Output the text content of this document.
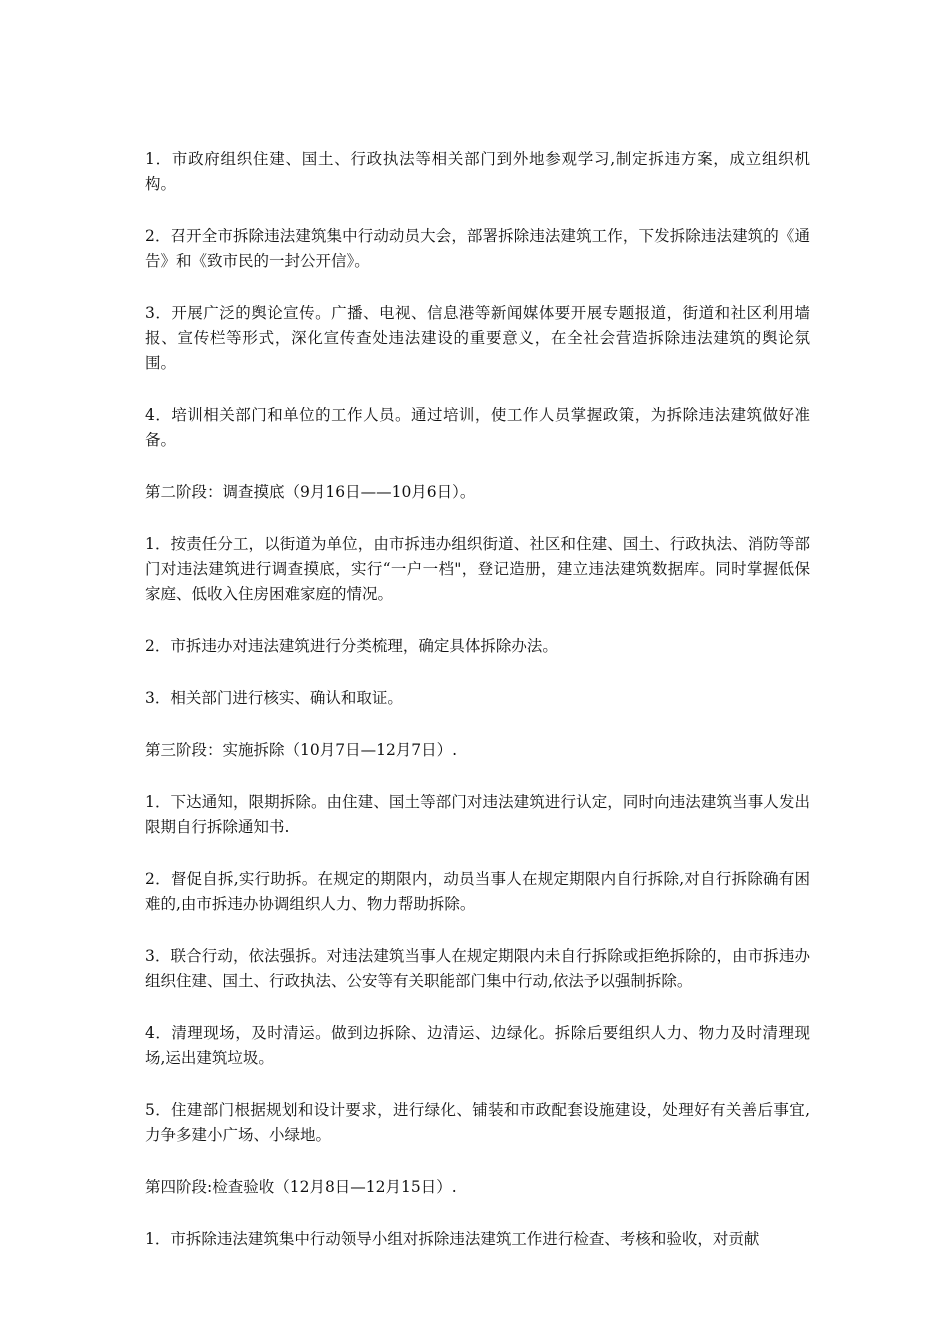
1．市政府组织住建、国土、行政执法等相关部门到外地参观学习,制定拆违方案，成立组织机构。

2．召开全市拆除违法建筑集中行动动员大会，部署拆除违法建筑工作，下发拆除违法建筑的《通告》和《致市民的一封公开信》。

3．开展广泛的舆论宣传。广播、电视、信息港等新闻媒体要开展专题报道，街道和社区利用墙报、宣传栏等形式，深化宣传查处违法建设的重要意义，在全社会营造拆除违法建筑的舆论氛围。

4．培训相关部门和单位的工作人员。通过培训，使工作人员掌握政策，为拆除违法建筑做好准备。

第二阶段：调查摸底（9月16日——10月6日）。

1．按责任分工，以街道为单位，由市拆违办组织街道、社区和住建、国土、行政执法、消防等部门对违法建筑进行调查摸底，实行“一户一档"，登记造册，建立违法建筑数据库。同时掌握低保家庭、低收入住房困难家庭的情况。

2．市拆违办对违法建筑进行分类梳理，确定具体拆除办法。

3．相关部门进行核实、确认和取证。

第三阶段：实施拆除（10月7日—12月7日）.

1．下达通知，限期拆除。由住建、国土等部门对违法建筑进行认定，同时向违法建筑当事人发出限期自行拆除通知书.

2．督促自拆,实行助拆。在规定的期限内，动员当事人在规定期限内自行拆除,对自行拆除确有困难的,由市拆违办协调组织人力、物力帮助拆除。

3．联合行动，依法强拆。对违法建筑当事人在规定期限内未自行拆除或拒绝拆除的，由市拆违办组织住建、国土、行政执法、公安等有关职能部门集中行动,依法予以强制拆除。

4．清理现场，及时清运。做到边拆除、边清运、边绿化。拆除后要组织人力、物力及时清理现场,运出建筑垃圾。

5．住建部门根据规划和设计要求，进行绿化、铺装和市政配套设施建设，处理好有关善后事宜,力争多建小广场、小绿地。

第四阶段:检查验收（12月8日—12月15日）.

1．市拆除违法建筑集中行动领导小组对拆除违法建筑工作进行检查、考核和验收，对贡献
